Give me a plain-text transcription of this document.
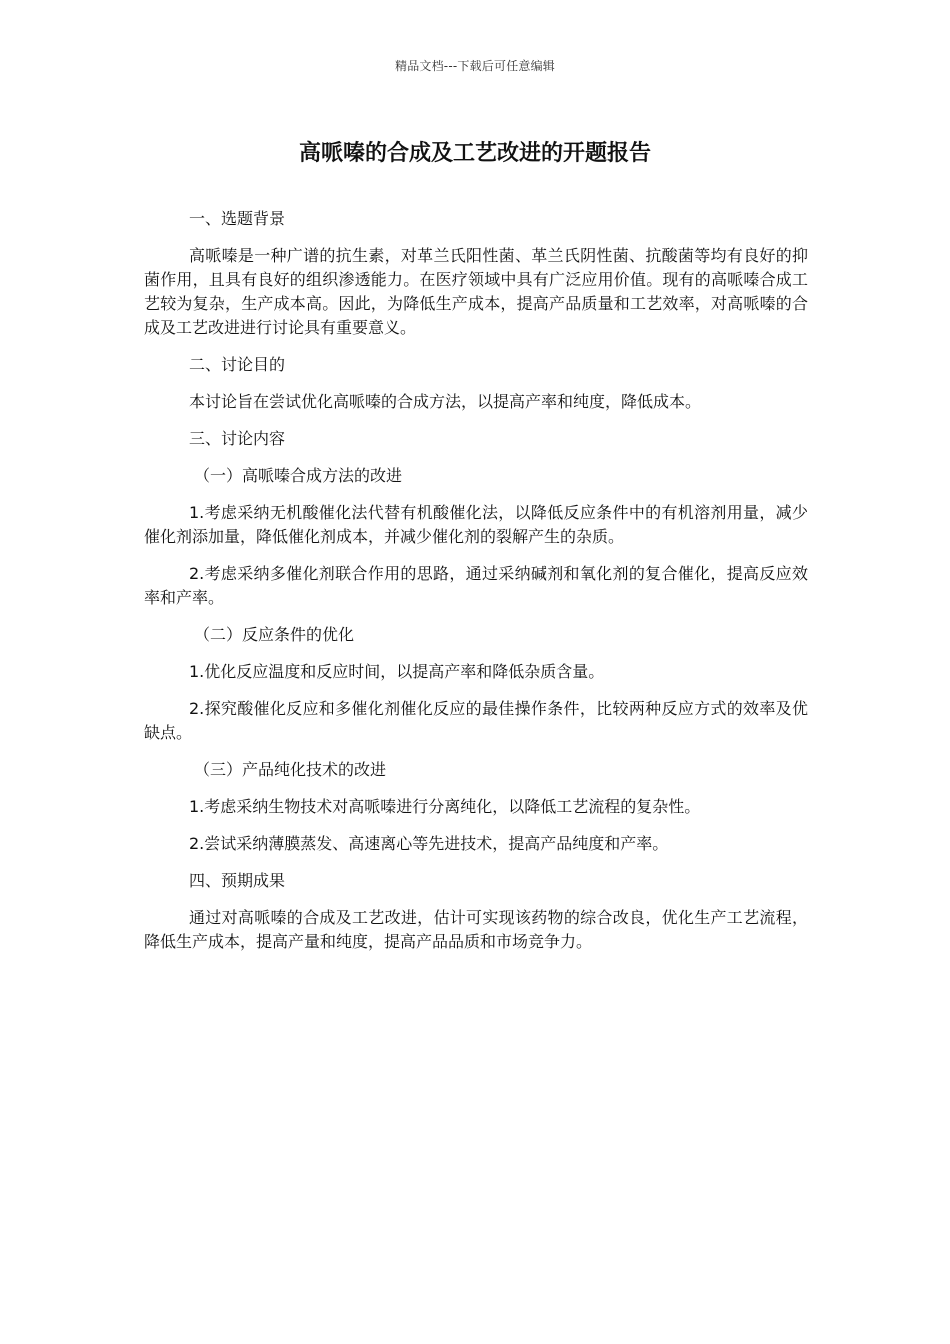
精品文档---下载后可任意编辑
高哌嗪的合成及工艺改进的开题报告

一、选题背景

高哌嗪是一种广谱的抗生素，对革兰氏阳性菌、革兰氏阴性菌、抗酸菌等均有良好的抑菌作用，且具有良好的组织渗透能力。在医疗领域中具有广泛应用价值。现有的高哌嗪合成工艺较为复杂，生产成本高。因此，为降低生产成本，提高产品质量和工艺效率，对高哌嗪的合成及工艺改进进行讨论具有重要意义。

二、讨论目的

本讨论旨在尝试优化高哌嗪的合成方法，以提高产率和纯度，降低成本。

三、讨论内容

（一）高哌嗪合成方法的改进

1.考虑采纳无机酸催化法代替有机酸催化法，以降低反应条件中的有机溶剂用量，减少催化剂添加量，降低催化剂成本，并减少催化剂的裂解产生的杂质。

2.考虑采纳多催化剂联合作用的思路，通过采纳碱剂和氧化剂的复合催化，提高反应效率和产率。

（二）反应条件的优化

1.优化反应温度和反应时间，以提高产率和降低杂质含量。

2.探究酸催化反应和多催化剂催化反应的最佳操作条件，比较两种反应方式的效率及优缺点。

（三）产品纯化技术的改进

1.考虑采纳生物技术对高哌嗪进行分离纯化，以降低工艺流程的复杂性。

2.尝试采纳薄膜蒸发、高速离心等先进技术，提高产品纯度和产率。

四、预期成果

通过对高哌嗪的合成及工艺改进，估计可实现该药物的综合改良，优化生产工艺流程，降低生产成本，提高产量和纯度，提高产品品质和市场竞争力。
